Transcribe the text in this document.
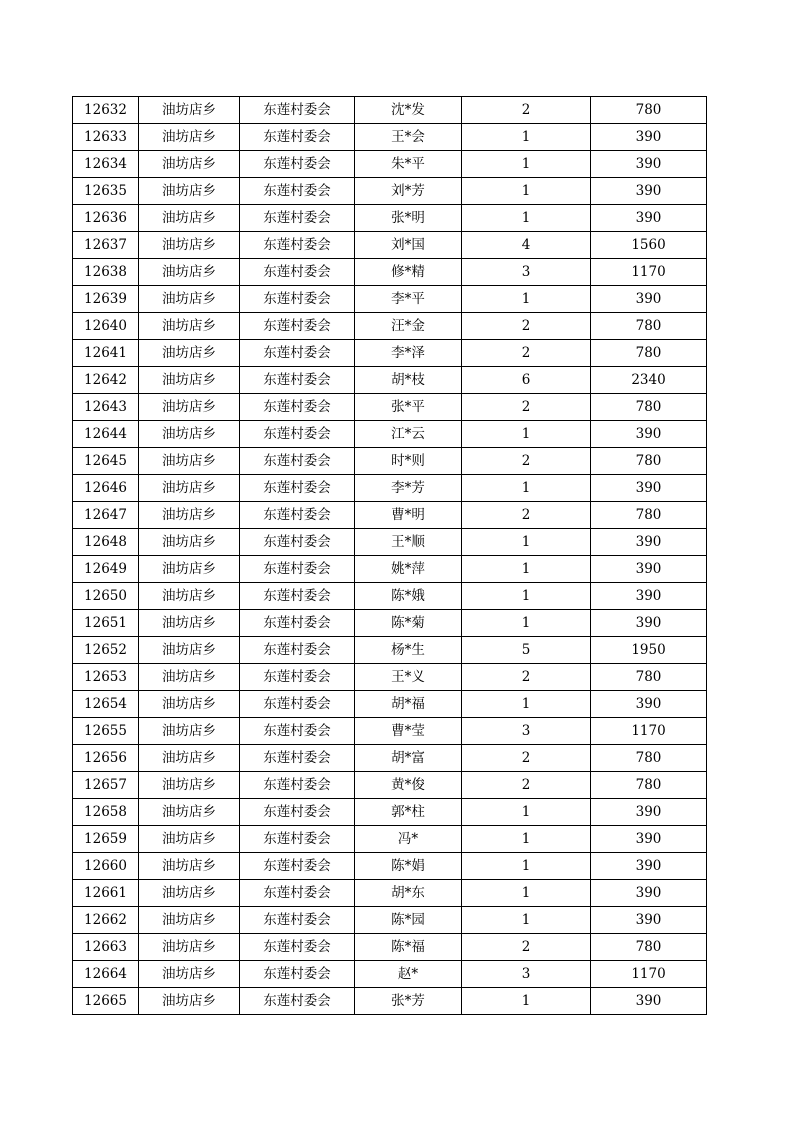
12632	油坊店乡	东莲村委会	沈*发	2	780
12633	油坊店乡	东莲村委会	王*会	1	390
12634	油坊店乡	东莲村委会	朱*平	1	390
12635	油坊店乡	东莲村委会	刘*芳	1	390
12636	油坊店乡	东莲村委会	张*明	1	390
12637	油坊店乡	东莲村委会	刘*国	4	1560
12638	油坊店乡	东莲村委会	修*精	3	1170
12639	油坊店乡	东莲村委会	李*平	1	390
12640	油坊店乡	东莲村委会	汪*金	2	780
12641	油坊店乡	东莲村委会	李*泽	2	780
12642	油坊店乡	东莲村委会	胡*枝	6	2340
12643	油坊店乡	东莲村委会	张*平	2	780
12644	油坊店乡	东莲村委会	江*云	1	390
12645	油坊店乡	东莲村委会	时*则	2	780
12646	油坊店乡	东莲村委会	李*芳	1	390
12647	油坊店乡	东莲村委会	曹*明	2	780
12648	油坊店乡	东莲村委会	王*顺	1	390
12649	油坊店乡	东莲村委会	姚*萍	1	390
12650	油坊店乡	东莲村委会	陈*娥	1	390
12651	油坊店乡	东莲村委会	陈*菊	1	390
12652	油坊店乡	东莲村委会	杨*生	5	1950
12653	油坊店乡	东莲村委会	王*义	2	780
12654	油坊店乡	东莲村委会	胡*福	1	390
12655	油坊店乡	东莲村委会	曹*莹	3	1170
12656	油坊店乡	东莲村委会	胡*富	2	780
12657	油坊店乡	东莲村委会	黄*俊	2	780
12658	油坊店乡	东莲村委会	郭*柱	1	390
12659	油坊店乡	东莲村委会	冯*	1	390
12660	油坊店乡	东莲村委会	陈*娟	1	390
12661	油坊店乡	东莲村委会	胡*东	1	390
12662	油坊店乡	东莲村委会	陈*园	1	390
12663	油坊店乡	东莲村委会	陈*福	2	780
12664	油坊店乡	东莲村委会	赵*	3	1170
12665	油坊店乡	东莲村委会	张*芳	1	390
